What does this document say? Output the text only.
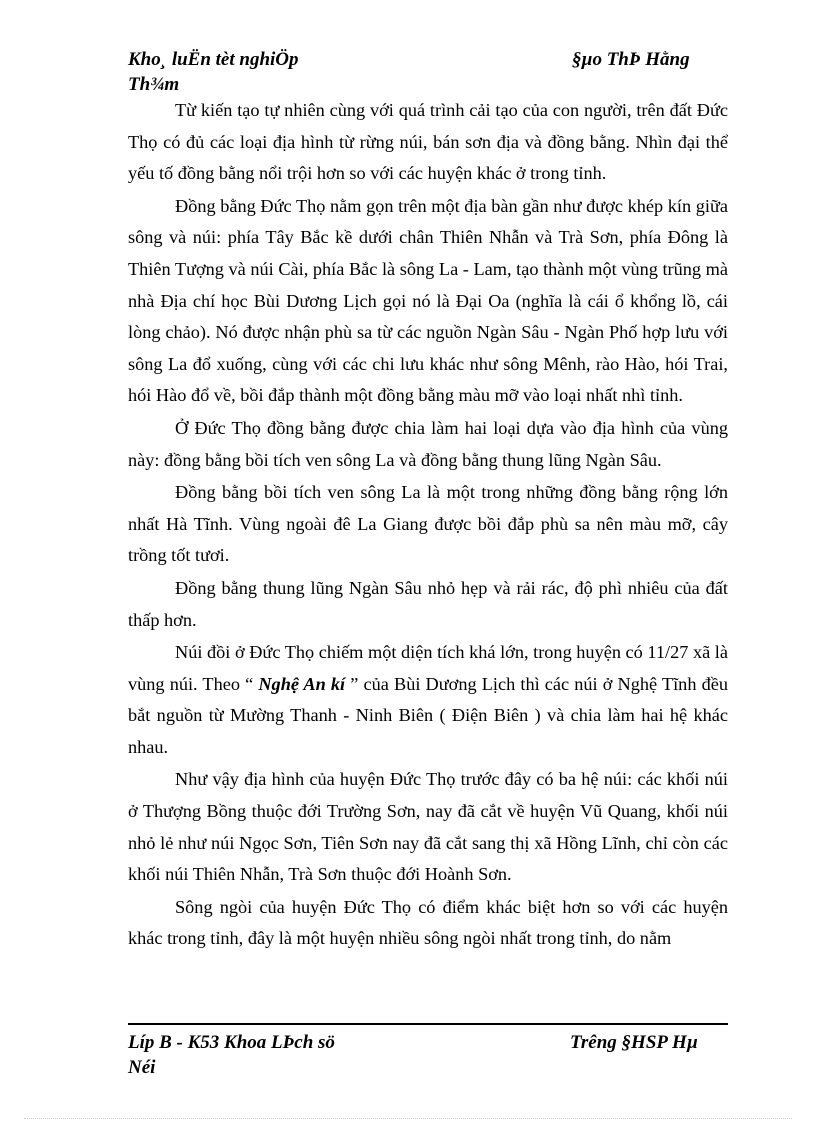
Kho¸ luËn tèt nghiÖp
Th¾m
§µo ThÞ Hằng

Từ kiến tạo tự nhiên cùng với quá trình cải tạo của con người, trên đất Đức Thọ có đủ các loại địa hình từ rừng núi, bán sơn địa và đồng bằng. Nhìn đại thể yếu tố đồng bằng nổi trội hơn so với các huyện khác ở trong tỉnh.

Đồng bằng Đức Thọ nằm gọn trên một địa bàn gần như được khép kín giữa sông và núi: phía Tây Bắc kề dưới chân Thiên Nhẫn và Trà Sơn, phía Đông là Thiên Tượng và núi Cài, phía Bắc là sông La - Lam, tạo thành một vùng trũng mà nhà Địa chí học Bùi Dương Lịch gọi nó là Đại Oa (nghĩa là cái ổ khổng lồ, cái lòng chảo). Nó được nhận phù sa từ các nguồn Ngàn Sâu - Ngàn Phố hợp lưu với sông La đổ xuống, cùng với các chi lưu khác như sông Mênh, rào Hào, hói Trai, hói Hào đổ về, bồi đắp thành một đồng bằng màu mỡ vào loại nhất nhì tỉnh.

Ở Đức Thọ đồng bằng được chia làm hai loại dựa vào địa hình của vùng này: đồng bằng bồi tích ven sông La và đồng bằng thung lũng Ngàn Sâu.

Đồng bằng bồi tích ven sông La là một trong những đồng bằng rộng lớn nhất Hà Tĩnh. Vùng ngoài đê La Giang được bồi đắp phù sa nên màu mỡ, cây trồng tốt tươi.

Đồng bằng thung lũng Ngàn Sâu nhỏ hẹp và rải rác, độ phì nhiêu của đất thấp hơn.

Núi đồi ở Đức Thọ chiếm một diện tích khá lớn, trong huyện có 11/27 xã là vùng núi. Theo “ Nghệ An kí ” của Bùi Dương Lịch thì các núi ở Nghệ Tĩnh đều bắt nguồn từ Mường Thanh - Ninh Biên ( Điện Biên ) và chia làm hai hệ khác nhau.

Như vậy địa hình của huyện Đức Thọ trước đây có ba hệ núi: các khối núi ở Thượng Bồng thuộc đới Trường Sơn, nay đã cắt về huyện Vũ Quang, khối núi nhỏ lẻ như núi Ngọc Sơn, Tiên Sơn nay đã cắt sang thị xã Hồng Lĩnh, chỉ còn các khối núi Thiên Nhẫn, Trà Sơn thuộc đới Hoành Sơn.

Sông ngòi của huyện Đức Thọ có điểm khác biệt hơn so với các huyện khác trong tỉnh, đây là một huyện nhiều sông ngòi nhất trong tỉnh, do nằm

Líp B - K53 Khoa LÞch sö
Néi
Trêng §HSP Hµ
